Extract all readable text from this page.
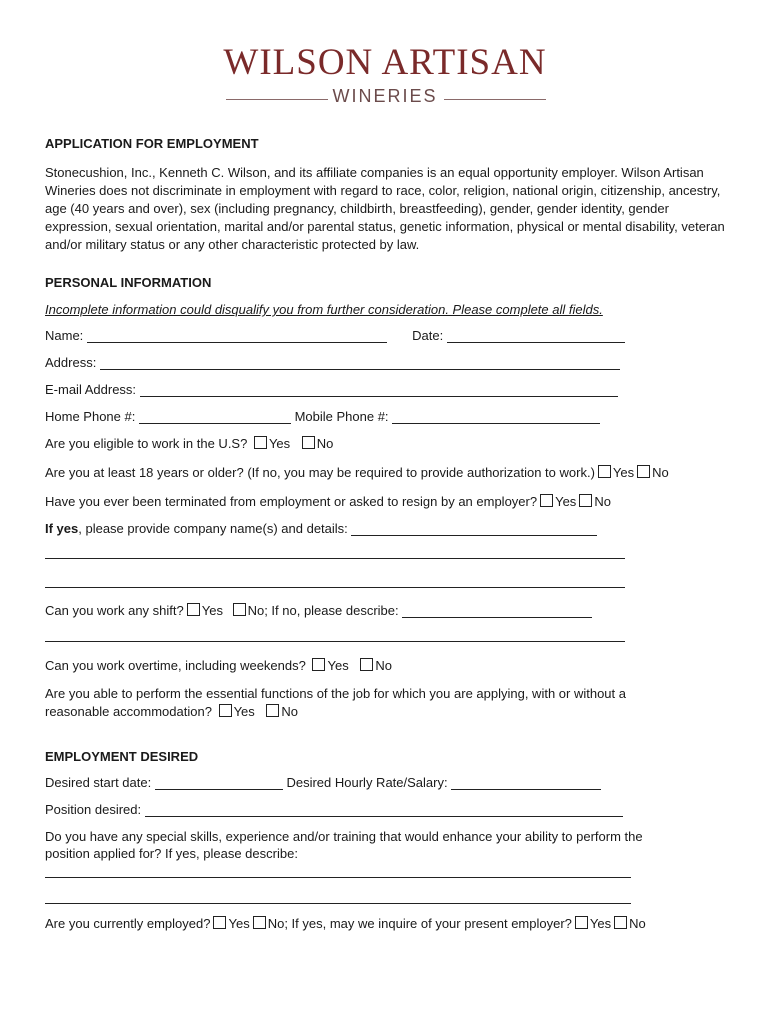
WILSON ARTISAN
WINERIES
APPLICATION FOR EMPLOYMENT
Stonecushion, Inc., Kenneth C. Wilson, and its affiliate companies is an equal opportunity employer. Wilson Artisan Wineries does not discriminate in employment with regard to race, color, religion, national origin, citizenship, ancestry, age (40 years and over), sex (including pregnancy, childbirth, breastfeeding), gender, gender identity, gender expression, sexual orientation, marital and/or parental status, genetic information, physical or mental disability, veteran and/or military status or any other characteristic protected by law.
PERSONAL INFORMATION
Incomplete information could disqualify you from further consideration. Please complete all fields.
Name:	Date:
Address:
E-mail Address:
Home Phone #:	Mobile Phone #:
Are you eligible to work in the U.S? Yes No
Are you at least 18 years or older? (If no, you may be required to provide authorization to work.) Yes No
Have you ever been terminated from employment or asked to resign by an employer? Yes No
If yes, please provide company name(s) and details:
Can you work any shift? Yes No; If no, please describe:
Can you work overtime, including weekends? Yes No
Are you able to perform the essential functions of the job for which you are applying, with or without a
reasonable accommodation? Yes No
EMPLOYMENT DESIRED
Desired start date:	Desired Hourly Rate/Salary:
Position desired:
Do you have any special skills, experience and/or training that would enhance your ability to perform the
position applied for? If yes, please describe:
Are you currently employed? Yes No; If yes, may we inquire of your present employer? Yes No
